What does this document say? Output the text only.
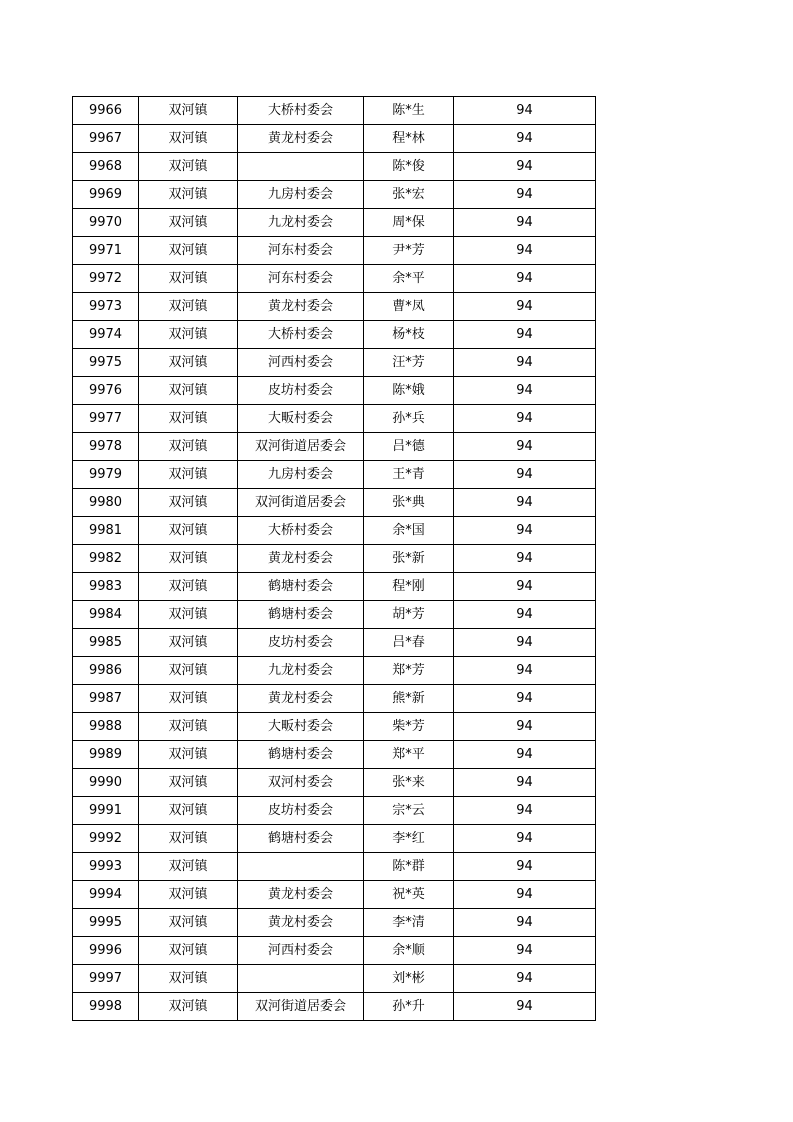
9966	双河镇	大桥村委会	陈*生	94
9967	双河镇	黄龙村委会	程*林	94
9968	双河镇		陈*俊	94
9969	双河镇	九房村委会	张*宏	94
9970	双河镇	九龙村委会	周*保	94
9971	双河镇	河东村委会	尹*芳	94
9972	双河镇	河东村委会	余*平	94
9973	双河镇	黄龙村委会	曹*凤	94
9974	双河镇	大桥村委会	杨*枝	94
9975	双河镇	河西村委会	汪*芳	94
9976	双河镇	皮坊村委会	陈*娥	94
9977	双河镇	大畈村委会	孙*兵	94
9978	双河镇	双河街道居委会	吕*德	94
9979	双河镇	九房村委会	王*青	94
9980	双河镇	双河街道居委会	张*典	94
9981	双河镇	大桥村委会	余*国	94
9982	双河镇	黄龙村委会	张*新	94
9983	双河镇	鹤塘村委会	程*刚	94
9984	双河镇	鹤塘村委会	胡*芳	94
9985	双河镇	皮坊村委会	吕*春	94
9986	双河镇	九龙村委会	郑*芳	94
9987	双河镇	黄龙村委会	熊*新	94
9988	双河镇	大畈村委会	柴*芳	94
9989	双河镇	鹤塘村委会	郑*平	94
9990	双河镇	双河村委会	张*来	94
9991	双河镇	皮坊村委会	宗*云	94
9992	双河镇	鹤塘村委会	李*红	94
9993	双河镇		陈*群	94
9994	双河镇	黄龙村委会	祝*英	94
9995	双河镇	黄龙村委会	李*清	94
9996	双河镇	河西村委会	余*顺	94
9997	双河镇		刘*彬	94
9998	双河镇	双河街道居委会	孙*升	94
